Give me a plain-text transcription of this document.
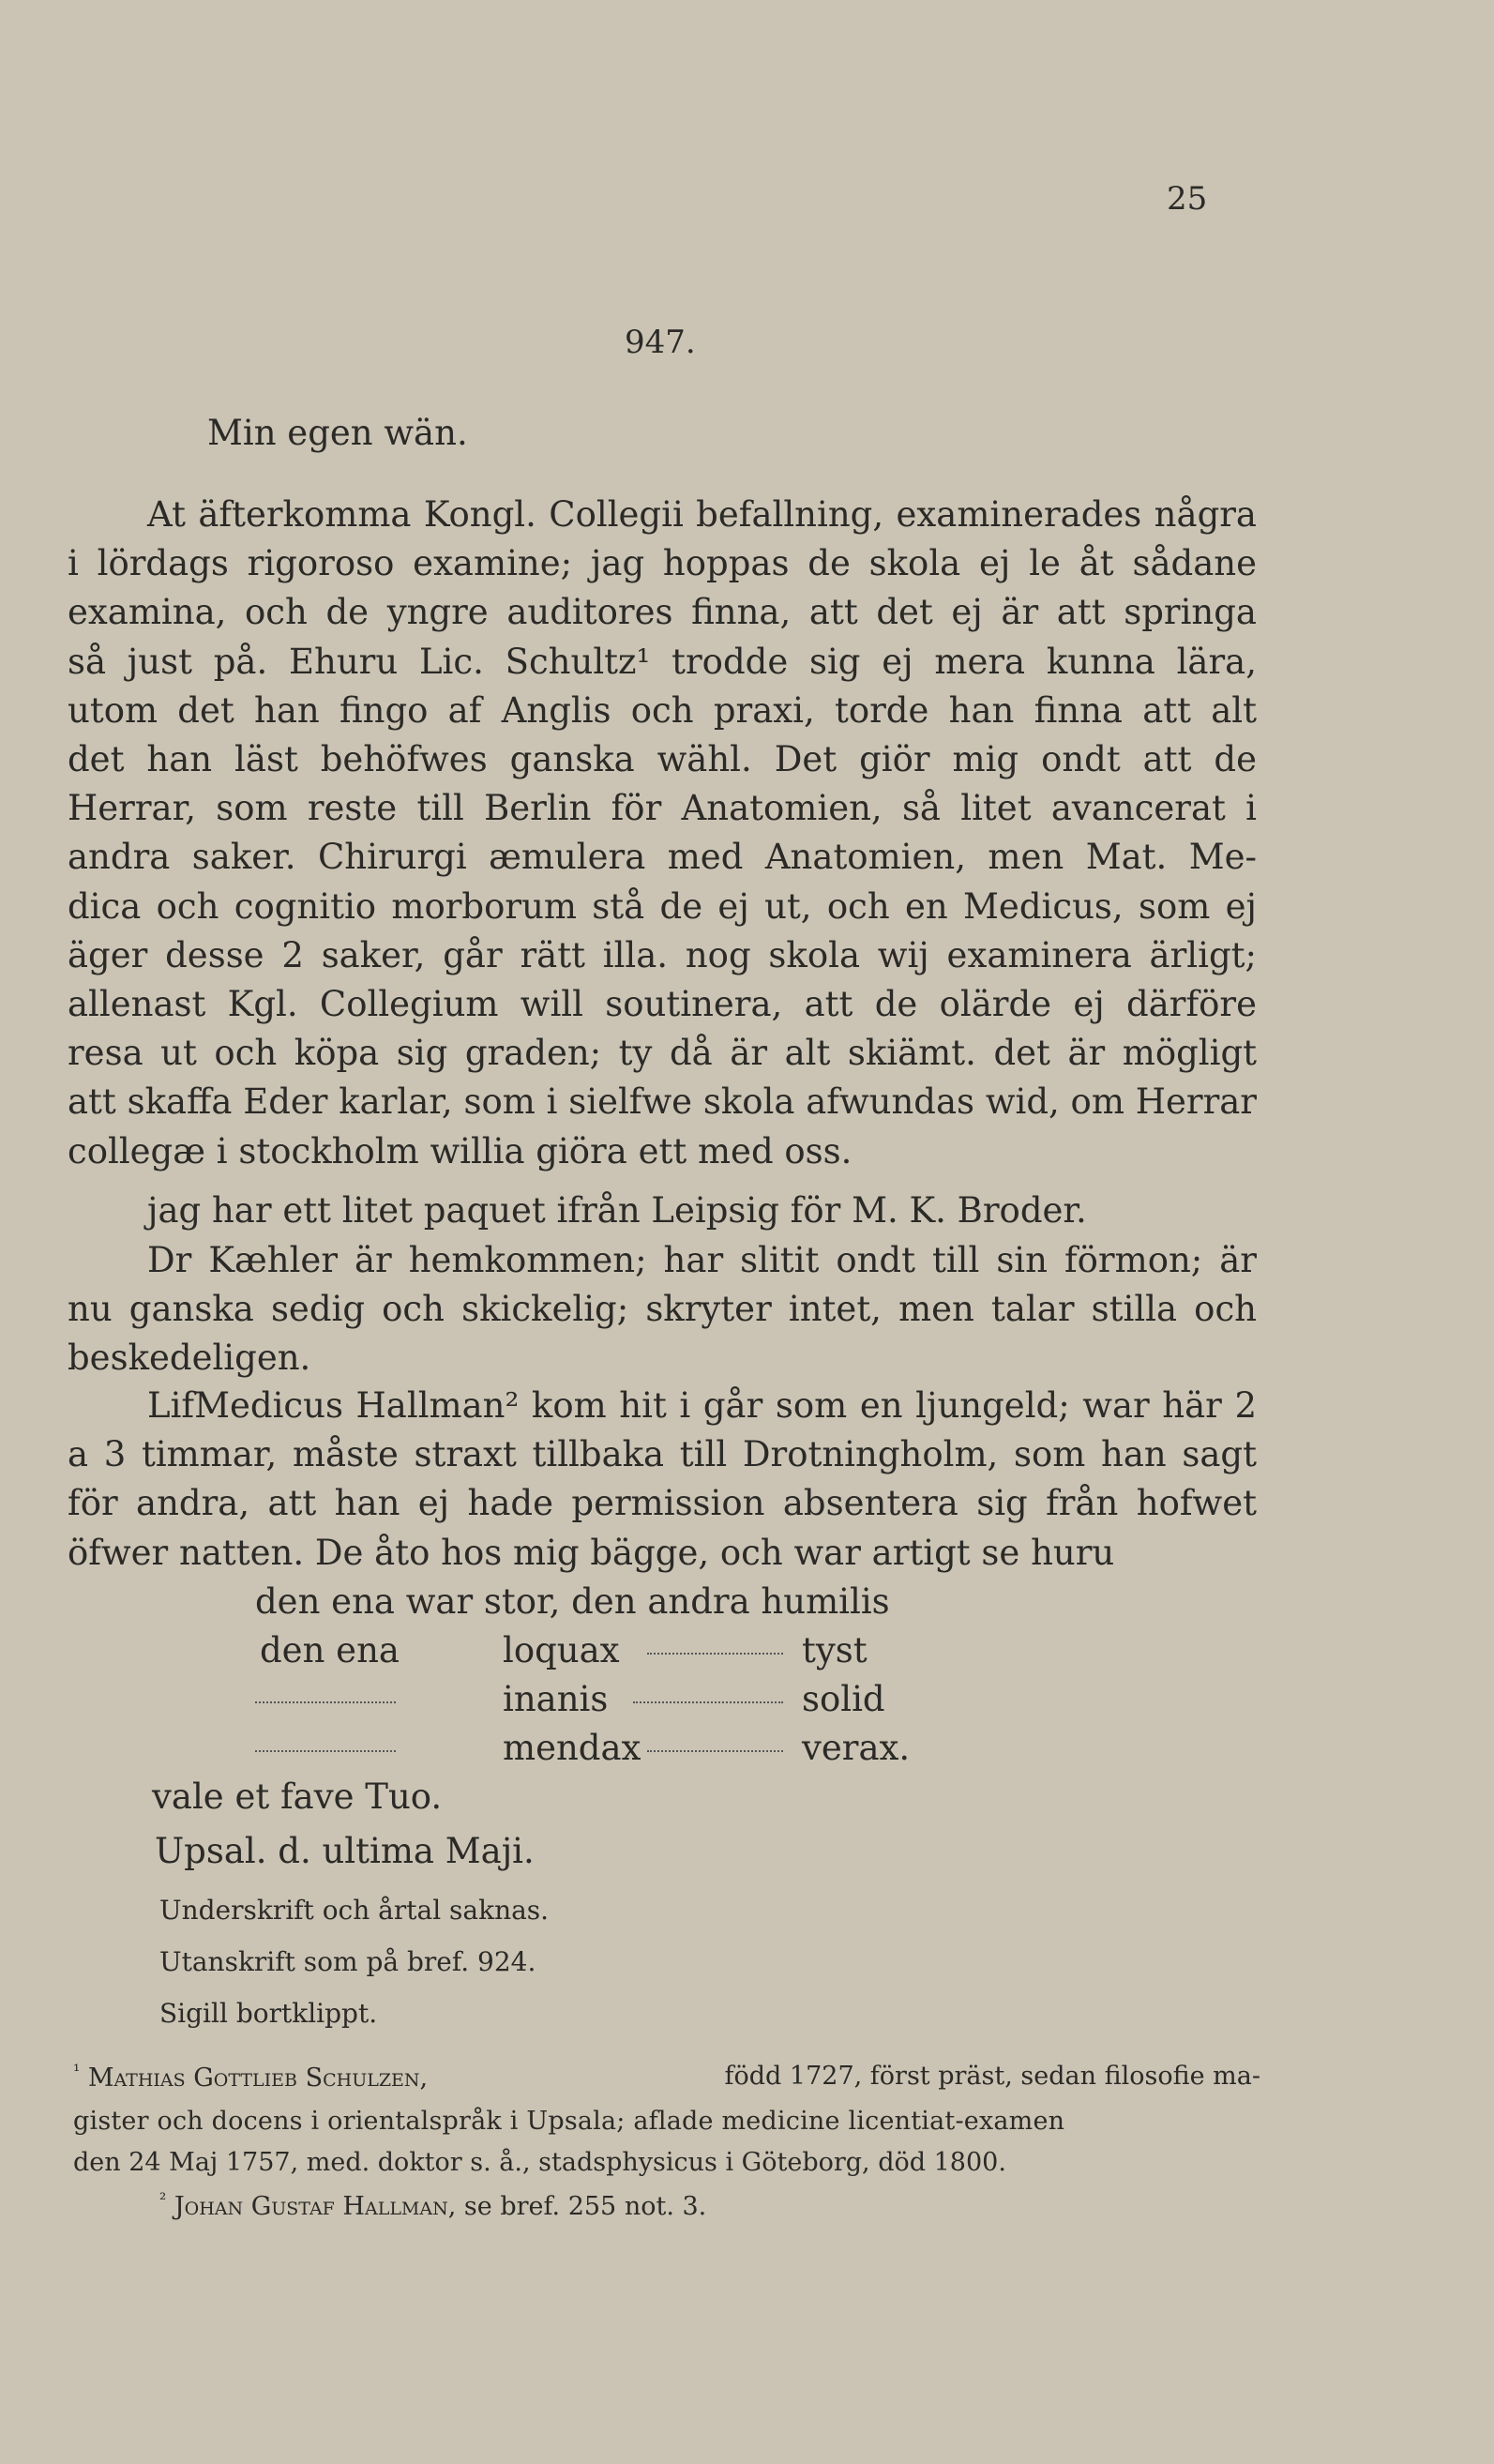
25
947.
Min egen wän.
At äfterkomma Kongl. Collegii befallning, examinerades några
i lördags rigoroso examine; jag hoppas de skola ej le åt sådane
examina, och de yngre auditores finna, att det ej är att springa
så just på. Ehuru Lic. Schultz¹ trodde sig ej mera kunna lära,
utom det han fingo af Anglis och praxi, torde han finna att alt
det han läst behöfwes ganska wähl. Det giör mig ondt att de
Herrar, som reste till Berlin för Anatomien, så litet avancerat i
andra saker. Chirurgi æmulera med Anatomien, men Mat. Me-
dica och cognitio morborum stå de ej ut, och en Medicus, som ej
äger desse 2 saker, går rätt illa. nog skola wij examinera ärligt;
allenast Kgl. Collegium will soutinera, att de olärde ej därföre
resa ut och köpa sig graden; ty då är alt skiämt. det är mögligt
att skaffa Eder karlar, som i sielfwe skola afwundas wid, om Herrar
collegæ i stockholm willia giöra ett med oss.
jag har ett litet paquet ifrån Leipsig för M. K. Broder.
Dr Kæhler är hemkommen; har slitit ondt till sin förmon; är
nu ganska sedig och skickelig; skryter intet, men talar stilla och
beskedeligen.
LifMedicus Hallman² kom hit i går som en ljungeld; war här 2
a 3 timmar, måste straxt tillbaka till Drotningholm, som han sagt
för andra, att han ej hade permission absentera sig från hofwet
öfwer natten. De åto hos mig bägge, och war artigt se huru
den ena war stor, den andra humilis
den ena	loquax	tyst
inanis	solid
mendax	verax.
vale et fave Tuo.
Upsal. d. ultima Maji.
Underskrift och årtal saknas.
Utanskrift som på bref. 924.
Sigill bortklippt.
¹ Mathias Gottlieb Schulzen,	född 1727, först präst, sedan filosofie ma-
gister och docens i orientalspråk i Upsala; aflade medicine licentiat-examen
den 24 Maj 1757, med. doktor s. å., stadsphysicus i Göteborg, död 1800.
$^{^2}$ Johan Gustaf Hallman, se bref. 255 not. 3.
